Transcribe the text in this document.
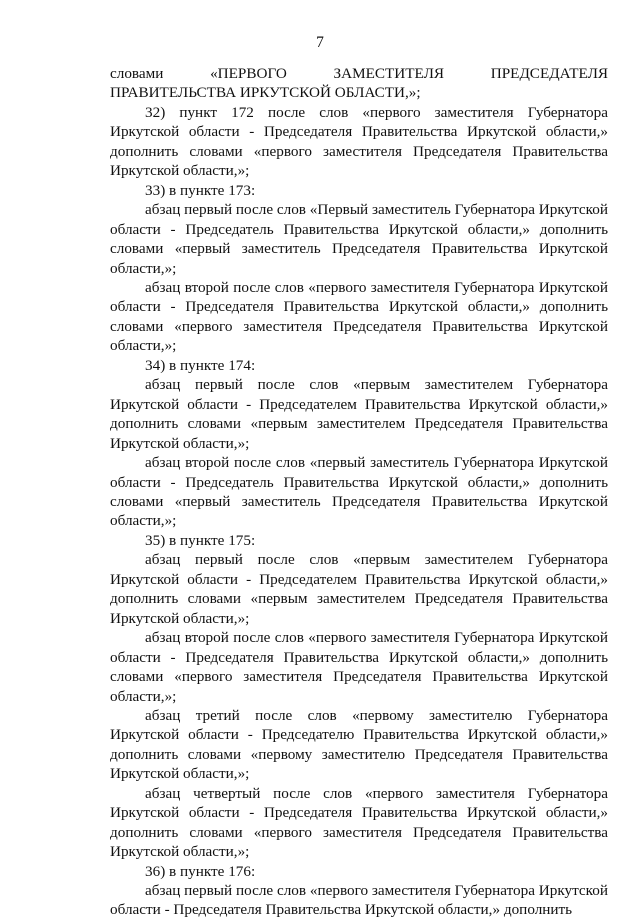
7

словами «ПЕРВОГО ЗАМЕСТИТЕЛЯ ПРЕДСЕДАТЕЛЯ ПРАВИТЕЛЬСТВА ИРКУТСКОЙ ОБЛАСТИ,»;

32) пункт 172 после слов «первого заместителя Губернатора Иркутской области - Председателя Правительства Иркутской области,» дополнить словами «первого заместителя Председателя Правительства Иркутской области,»;

33) в пункте 173:

абзац первый после слов «Первый заместитель Губернатора Иркутской области - Председатель Правительства Иркутской области,» дополнить словами «первый заместитель Председателя Правительства Иркутской области,»;

абзац второй после слов «первого заместителя Губернатора Иркутской области - Председателя Правительства Иркутской области,» дополнить словами «первого заместителя Председателя Правительства Иркутской области,»;

34) в пункте 174:

абзац первый после слов «первым заместителем Губернатора Иркутской области - Председателем Правительства Иркутской области,» дополнить словами «первым заместителем Председателя Правительства Иркутской области,»;

абзац второй после слов «первый заместитель Губернатора Иркутской области - Председатель Правительства Иркутской области,» дополнить словами «первый заместитель Председателя Правительства Иркутской области,»;

35) в пункте 175:

абзац первый после слов «первым заместителем Губернатора Иркутской области - Председателем Правительства Иркутской области,» дополнить словами «первым заместителем Председателя Правительства Иркутской области,»;

абзац второй после слов «первого заместителя Губернатора Иркутской области - Председателя Правительства Иркутской области,» дополнить словами «первого заместителя Председателя Правительства Иркутской области,»;

абзац третий после слов «первому заместителю Губернатора Иркутской области - Председателю Правительства Иркутской области,» дополнить словами «первому заместителю Председателя Правительства Иркутской области,»;

абзац четвертый после слов «первого заместителя Губернатора Иркутской области - Председателя Правительства Иркутской области,» дополнить словами «первого заместителя Председателя Правительства Иркутской области,»;

36) в пункте 176:

абзац первый после слов «первого заместителя Губернатора Иркутской области - Председателя Правительства Иркутской области,» дополнить
